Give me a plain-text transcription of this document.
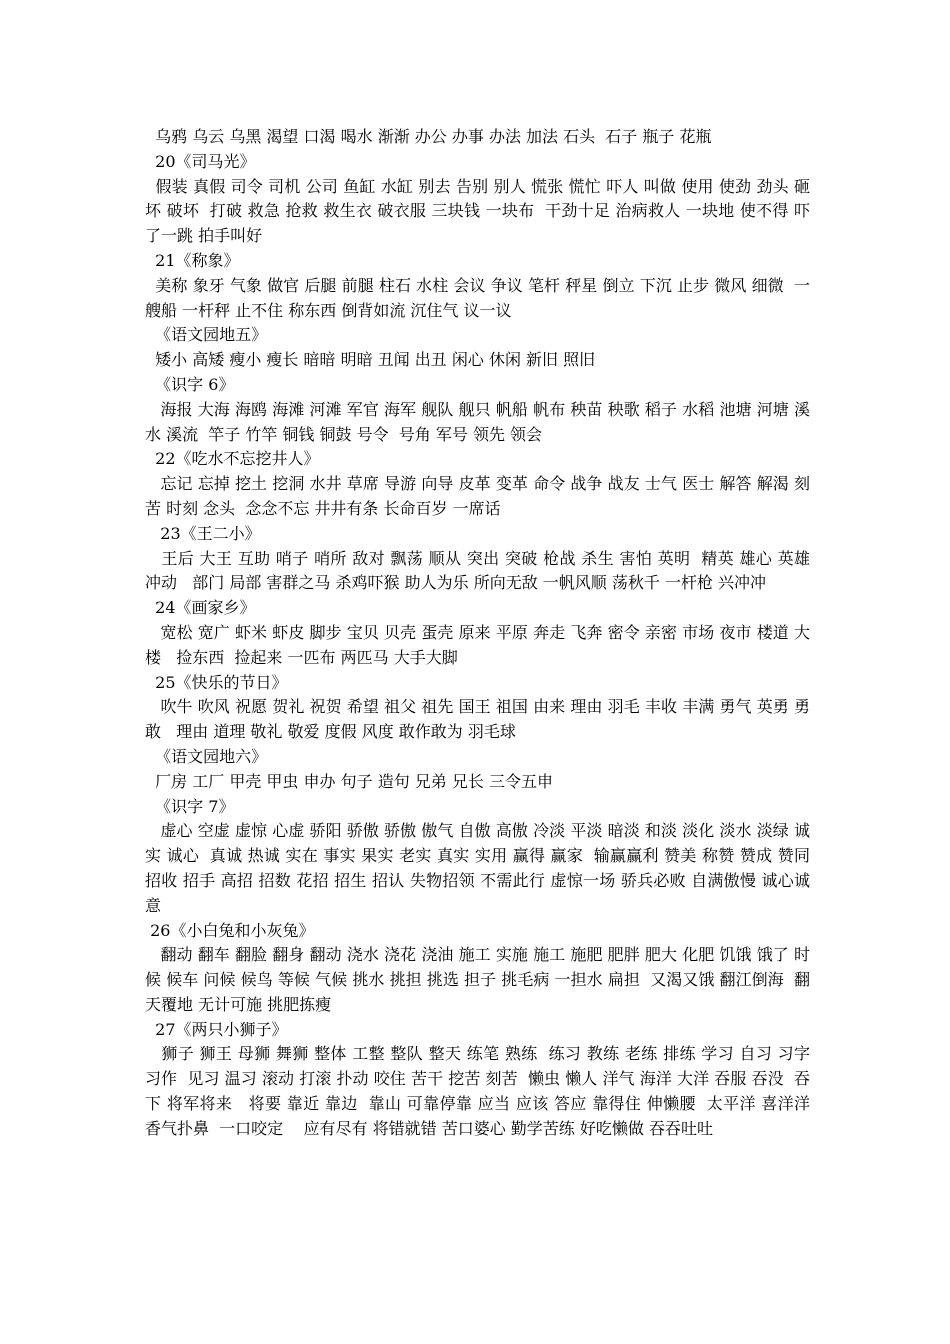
乌鸦 乌云 乌黑 渴望 口渴 喝水 渐渐 办公 办事 办法 加法 石头  石子 瓶子 花瓶

20《司马光》

假装 真假 司令 司机 公司 鱼缸 水缸 别去 告别 别人 慌张 慌忙 吓人 叫做 使用 使劲 劲头 砸坏 破坏  打破 救急 抢救 救生衣 破衣服 三块钱 一块布  干劲十足 治病救人 一块地 使不得 吓了一跳 拍手叫好

21《称象》

美称 象牙 气象 做官 后腿 前腿 柱石 水柱 会议 争议 笔杆 秤星 倒立 下沉 止步 微风 细微  一艘船 一杆秤 止不住 称东西 倒背如流 沉住气 议一议

《语文园地五》

矮小 高矮 瘦小 瘦长 暗暗 明暗 丑闻 出丑 闲心 休闲 新旧 照旧

《识字 6》

海报 大海 海鸥 海滩 河滩 军官 海军 舰队 舰只 帆船 帆布 秧苗 秧歌 稻子 水稻 池塘 河塘 溪水 溪流  竿子 竹竿 铜钱 铜鼓 号令  号角 军号 领先 领会

22《吃水不忘挖井人》

忘记 忘掉 挖土 挖洞 水井 草席 导游 向导 皮革 变革 命令 战争 战友 士气 医士 解答 解渴 刻苦 时刻 念头  念念不忘 井井有条 长命百岁 一席话

23《王二小》

王后 大王 互助 哨子 哨所 敌对 飘荡 顺从 突出 突破 枪战 杀生 害怕 英明  精英 雄心 英雄 冲动   部门 局部 害群之马 杀鸡吓猴 助人为乐 所向无敌 一帆风顺 荡秋千 一杆枪 兴冲冲

24《画家乡》

宽松 宽广 虾米 虾皮 脚步 宝贝 贝壳 蛋壳 原来 平原 奔走 飞奔 密令 亲密 市场 夜市 楼道 大楼   捡东西  捡起来 一匹布 两匹马 大手大脚

25《快乐的节日》

吹牛 吹风 祝愿 贺礼 祝贺 希望 祖父 祖先 国王 祖国 由来 理由 羽毛 丰收 丰满 勇气 英勇 勇敢   理由 道理 敬礼 敬爱 度假 风度 敢作敢为 羽毛球

《语文园地六》

厂房 工厂 甲壳 甲虫 申办 句子 造句 兄弟 兄长 三令五申

《识字 7》

虚心 空虚 虚惊 心虚 骄阳 骄傲 骄傲 傲气 自傲 高傲 冷淡 平淡 暗淡 和淡 淡化 淡水 淡绿 诚实 诚心  真诚 热诚 实在 事实 果实 老实 真实 实用 赢得 赢家  输赢赢利 赞美 称赞 赞成 赞同 招收 招手 高招 招数 花招 招生 招认 失物招领 不需此行 虚惊一场 骄兵必败 自满傲慢 诚心诚意

26《小白兔和小灰兔》

翻动 翻车 翻脸 翻身 翻动 浇水 浇花 浇油 施工 实施 施工 施肥 肥胖 肥大 化肥 饥饿 饿了 时候 候车 问候 候鸟 等候 气候 挑水 挑担 挑选 担子 挑毛病 一担水 扁担  又渴又饿 翻江倒海  翻天覆地 无计可施 挑肥拣瘦

27《两只小狮子》

狮子 狮王 母狮 舞狮 整体 工整 整队 整天 练笔 熟练  练习 教练 老练 排练 学习 自习 习字  习作  见习 温习 滚动 打滚 扑动 咬住 苦干 挖苦 刻苦  懒虫 懒人 洋气 海洋 大洋 吞服 吞没  吞下 将军将来   将要 靠近 靠边  靠山 可靠停靠 应当 应该 答应 靠得住 伸懒腰  太平洋 喜洋洋  香气扑鼻  一口咬定    应有尽有 将错就错 苦口婆心 勤学苦练 好吃懒做 吞吞吐吐
